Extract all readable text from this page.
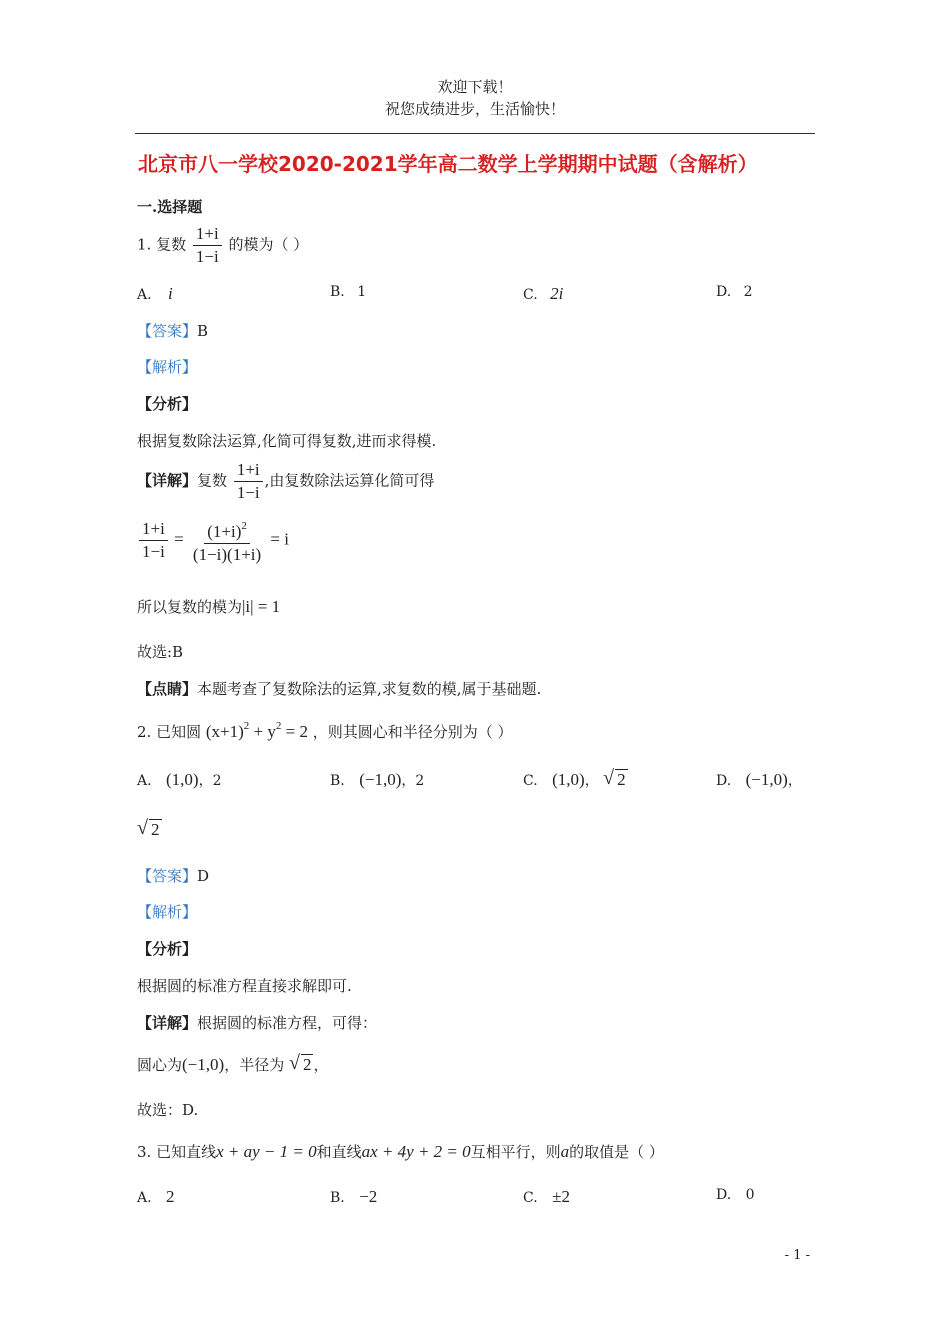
欢迎下载！
祝您成绩进步，生活愉快！
北京市八一学校2020-2021学年高二数学上学期期中试题（含解析）
一.选择题
1. 复数 $\frac{1+i}{1-i}$ 的模为（ ）
A. i	B. 1	C. 2i	D. 2
【答案】B
【解析】
【分析】
根据复数除法运算,化简可得复数,进而求得模.
【详解】复数 $\frac{1+i}{1-i}$ ,由复数除法运算化简可得
$\frac{1+i}{1-i} = \frac{(1+i)^2}{(1-i)(1+i)} = i$
所以复数的模为|i| = 1
故选:B
【点睛】本题考查了复数除法的运算,求复数的模,属于基础题.
2. 已知圆 $(x+1)^2 + y^2 = 2$ ，则其圆心和半径分别为（ ）
A. (1,0)，2	B. (−1,0)，2	C. (1,0)， √ 2	D. (−1,0)，
√ 2
【答案】D
【解析】
【分析】
根据圆的标准方程直接求解即可.
【详解】根据圆的标准方程，可得：
圆心为(−1,0)，半径为 √ 2 ，
故选：D.
3. 已知直线x + ay − 1 = 0和直线ax + 4y + 2 = 0互相平行，则a的取值是（ ）
A. 2	B. −2	C. ±2	D. 0
- 1 -
